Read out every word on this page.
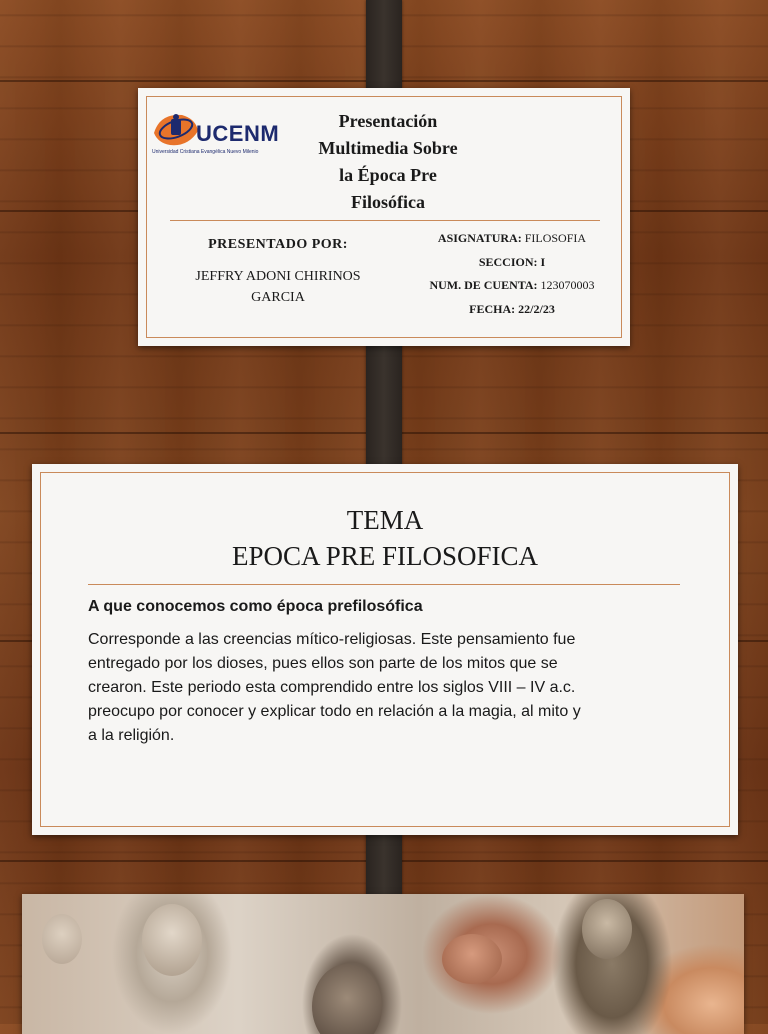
UCENM
Universidad Cristiana Evangélica Nuevo Milenio
Presentación
Multimedia Sobre
la Época Pre
Filosófica
PRESENTADO POR:
JEFFRY ADONI CHIRINOS
GARCIA
ASIGNATURA: FILOSOFIA
SECCION: I
NUM. DE CUENTA: 123070003
FECHA: 22/2/23
TEMA
EPOCA PRE FILOSOFICA
A que conocemos como época prefilosófica
Corresponde a las creencias mítico-religiosas. Este pensamiento fue
entregado por los dioses, pues ellos son parte de los mitos que se
crearon. Este periodo esta comprendido entre los siglos VIII – IV a.c.
preocupo por conocer y explicar todo en relación a la magia, al mito y
a la religión.
